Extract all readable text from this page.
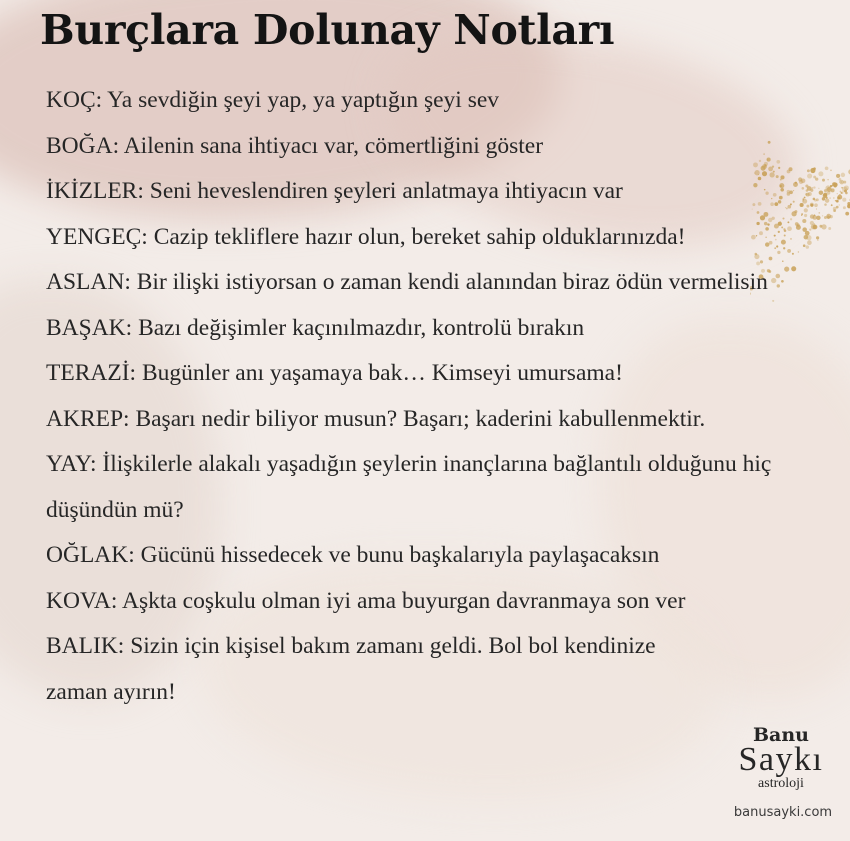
Burçlara Dolunay Notları
KOÇ: Ya sevdiğin şeyi yap, ya yaptığın şeyi sev
BOĞA: Ailenin sana ihtiyacı var, cömertliğini göster
İKİZLER: Seni heveslendiren şeyleri anlatmaya ihtiyacın var
YENGEÇ: Cazip tekliflere hazır olun, bereket sahip olduklarınızda!
ASLAN: Bir ilişki istiyorsan o zaman kendi alanından biraz ödün vermelisin
BAŞAK: Bazı değişimler kaçınılmazdır, kontrolü bırakın
TERAZİ: Bugünler anı yaşamaya bak… Kimseyi umursama!
AKREP: Başarı nedir biliyor musun? Başarı; kaderini kabullenmektir.
YAY: İlişkilerle alakalı yaşadığın şeylerin inançlarına bağlantılı olduğunu hiç düşündün mü?
OĞLAK: Gücünü hissedecek ve bunu başkalarıyla paylaşacaksın
KOVA: Aşkta coşkulu olman iyi ama buyurgan davranmaya son ver
BALIK: Sizin için kişisel bakım zamanı geldi. Bol bol kendinize zaman ayırın!
Banu
Saykı
astroloji
banusayki.com
